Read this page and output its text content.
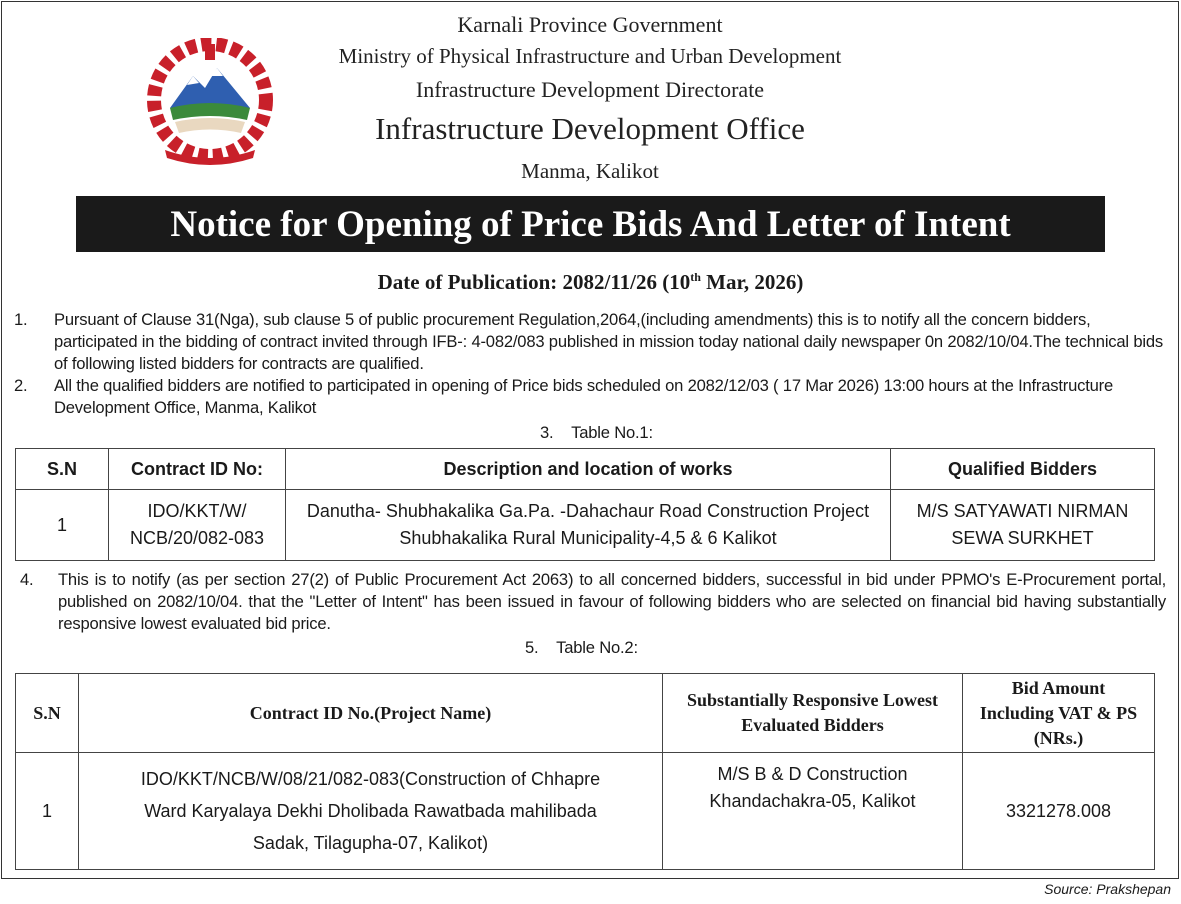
Karnali Province Government
Ministry of Physical Infrastructure and Urban Development
Infrastructure Development Directorate
Infrastructure Development Office
Manma, Kalikot
Notice for Opening of Price Bids And Letter of Intent
Date of Publication: 2082/11/26 (10th Mar, 2026)
1. Pursuant of Clause 31(Nga), sub clause 5 of public procurement Regulation,2064,(including amendments) this is to notify all the concern bidders, participated in the bidding of contract invited through IFB-: 4-082/083 published in mission today national daily newspaper 0n 2082/10/04.The technical bids of following listed bidders for contracts are qualified.
2. All the qualified bidders are notified to participated in opening of Price bids scheduled on 2082/12/03 ( 17 Mar 2026) 13:00 hours at the Infrastructure Development Office, Manma, Kalikot
3. Table No.1:
S.N	Contract ID No:	Description and location of works	Qualified Bidders
1	IDO/KKT/W/ NCB/20/082-083	Danutha- Shubhakalika Ga.Pa. -Dahachaur Road Construction Project Shubhakalika Rural Municipality-4,5 & 6 Kalikot	M/S SATYAWATI NIRMAN SEWA SURKHET
4. This is to notify (as per section 27(2) of Public Procurement Act 2063) to all concerned bidders, successful in bid under PPMO's E-Procurement portal, published on 2082/10/04. that the "Letter of Intent" has been issued in favour of following bidders who are selected on financial bid having substantially responsive lowest evaluated bid price.
5. Table No.2:
S.N	Contract ID No.(Project Name)	Substantially Responsive Lowest Evaluated Bidders	Bid Amount Including VAT & PS (NRs.)
1	IDO/KKT/NCB/W/08/21/082-083(Construction of Chhapre Ward Karyalaya Dekhi Dholibada Rawatbada mahilibada Sadak, Tilagupha-07, Kalikot)	M/S B & D Construction Khandachakra-05, Kalikot	3321278.008
Source: Prakshepan
